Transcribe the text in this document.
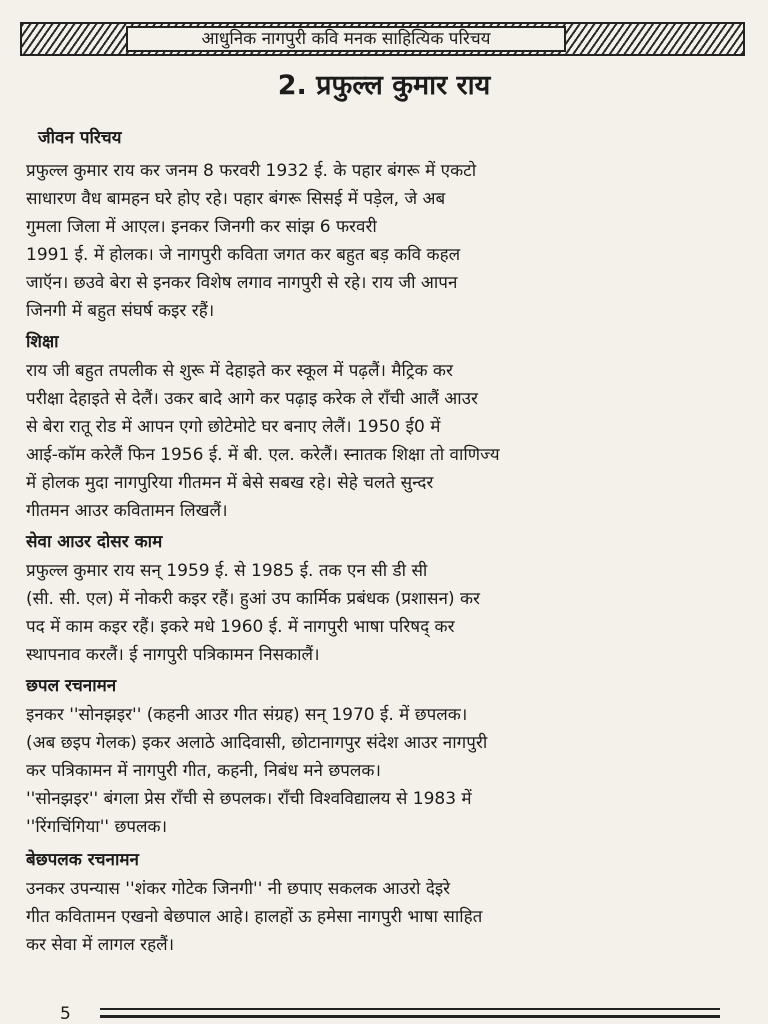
आधुनिक नागपुरी कवि मनक साहित्यिक परिचय
2. प्रफुल्ल कुमार राय
जीवन परिचय
प्रफुल्ल कुमार राय कर जनम 8 फरवरी 1932 ई. के पहार बंगरू में एकटो
साधारण वैध बामहन घरे होए रहे। पहार बंगरू सिसई में पड़ेल, जे अब
गुमला जिला में आएल। इनकर जिनगी कर सांझ 6 फरवरी
1991 ई. में होलक। जे नागपुरी कविता जगत कर बहुत बड़ कवि कहल
जाऍन। छउवे बेरा से इनकर विशेष लगाव नागपुरी से रहे। राय जी आपन
जिनगी में बहुत संघर्ष कइर रहैं।
शिक्षा
राय जी बहुत तपलीक से शुरू में देहाइते कर स्कूल में पढ़लैं। मैट्रिक कर
परीक्षा देहाइते से देलैं। उकर बादे आगे कर पढ़ाइ करेक ले राँची आलैं आउर
से बेरा रातू रोड में आपन एगो छोटेमोटे घर बनाए लेलैं। 1950 ई0 में
आई-कॉम करेलैं फिन 1956 ई. में बी. एल. करेलैं। स्नातक शिक्षा तो वाणिज्य
में होलक मुदा नागपुरिया गीतमन में बेसे सबख रहे। सेहे चलते सुन्दर
गीतमन आउर कवितामन लिखलैं।
सेवा आउर दोसर काम
प्रफुल्ल कुमार राय सन् 1959 ई. से 1985 ई. तक एन सी डी सी
(सी. सी. एल) में नोकरी कइर रहैं। हुआं उप कार्मिक प्रबंधक (प्रशासन) कर
पद में काम कइर रहैं। इकरे मधे 1960 ई. में नागपुरी भाषा परिषद् कर
स्थापनाव करलैं। ई नागपुरी पत्रिकामन निसकालैं।
छपल रचनामन
इनकर ''सोनझइर'' (कहनी आउर गीत संग्रह) सन् 1970 ई. में छपलक।
(अब छइप गेलक) इकर अलाठे आदिवासी, छोटानागपुर संदेश आउर नागपुरी
कर पत्रिकामन में नागपुरी गीत, कहनी, निबंध मने छपलक।
''सोनझइर'' बंगला प्रेस राँची से छपलक। राँची विश्वविद्यालय से 1983 में
''रिंगचिंगिया'' छपलक।
बेछपलक रचनामन
उनकर उपन्यास ''शंकर गोटेक जिनगी'' नी छपाए सकलक आउरो देइरे
गीत कवितामन एखनो बेछपाल आहे। हालहों ऊ हमेसा नागपुरी भाषा साहित
कर सेवा में लागल रहलैं।
5
